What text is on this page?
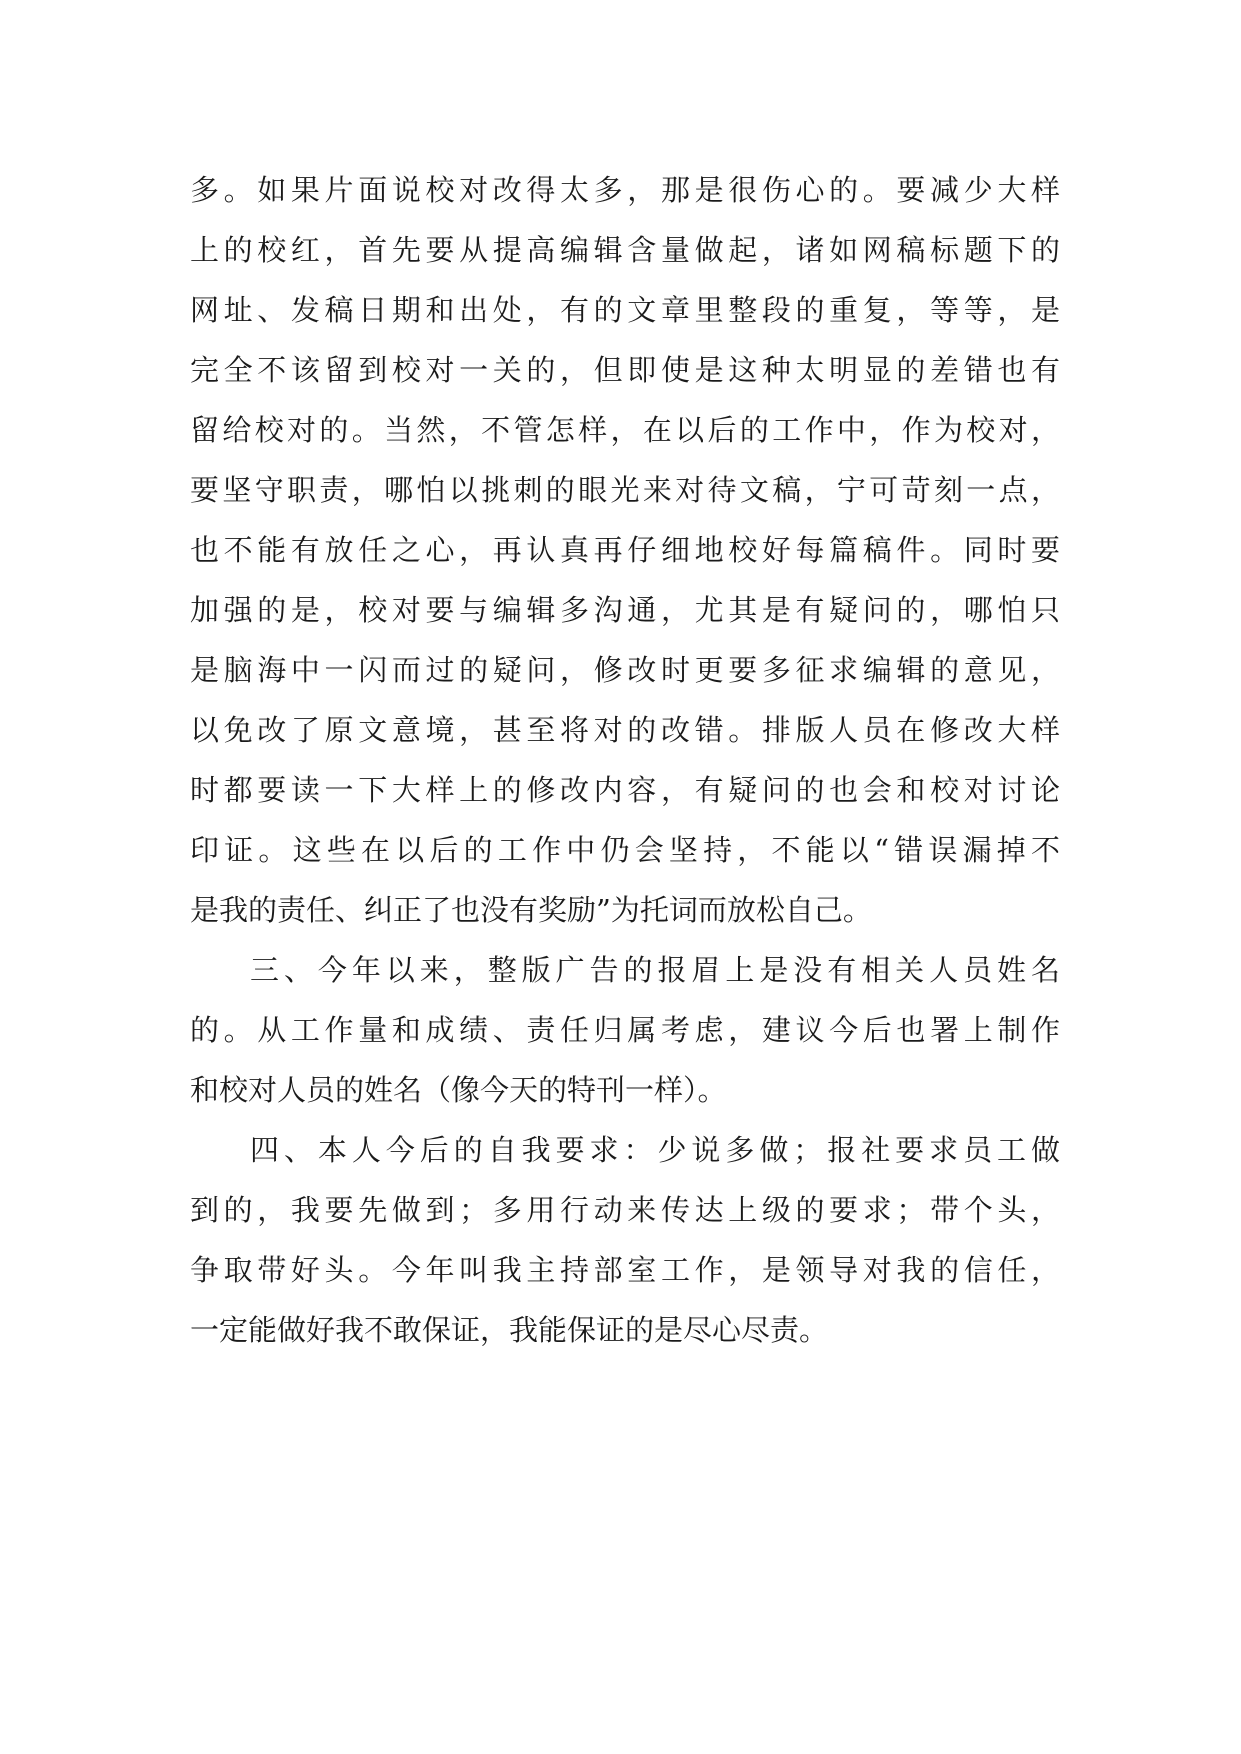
多。如果片面说校对改得太多，那是很伤心的。要减少大样
上的校红，首先要从提高编辑含量做起，诸如网稿标题下的
网址、发稿日期和出处，有的文章里整段的重复，等等，是
完全不该留到校对一关的，但即使是这种太明显的差错也有
留给校对的。当然，不管怎样，在以后的工作中，作为校对，
要坚守职责，哪怕以挑刺的眼光来对待文稿，宁可苛刻一点，
也不能有放任之心，再认真再仔细地校好每篇稿件。同时要
加强的是，校对要与编辑多沟通，尤其是有疑问的，哪怕只
是脑海中一闪而过的疑问，修改时更要多征求编辑的意见，
以免改了原文意境，甚至将对的改错。排版人员在修改大样
时都要读一下大样上的修改内容，有疑问的也会和校对讨论
印证。这些在以后的工作中仍会坚持，不能以“错误漏掉不
是我的责任、纠正了也没有奖励”为托词而放松自己。
三、今年以来，整版广告的报眉上是没有相关人员姓名
的。从工作量和成绩、责任归属考虑，建议今后也署上制作
和校对人员的姓名（像今天的特刊一样）。
四、本人今后的自我要求：少说多做；报社要求员工做
到的，我要先做到；多用行动来传达上级的要求；带个头，
争取带好头。今年叫我主持部室工作，是领导对我的信任，
一定能做好我不敢保证，我能保证的是尽心尽责。
